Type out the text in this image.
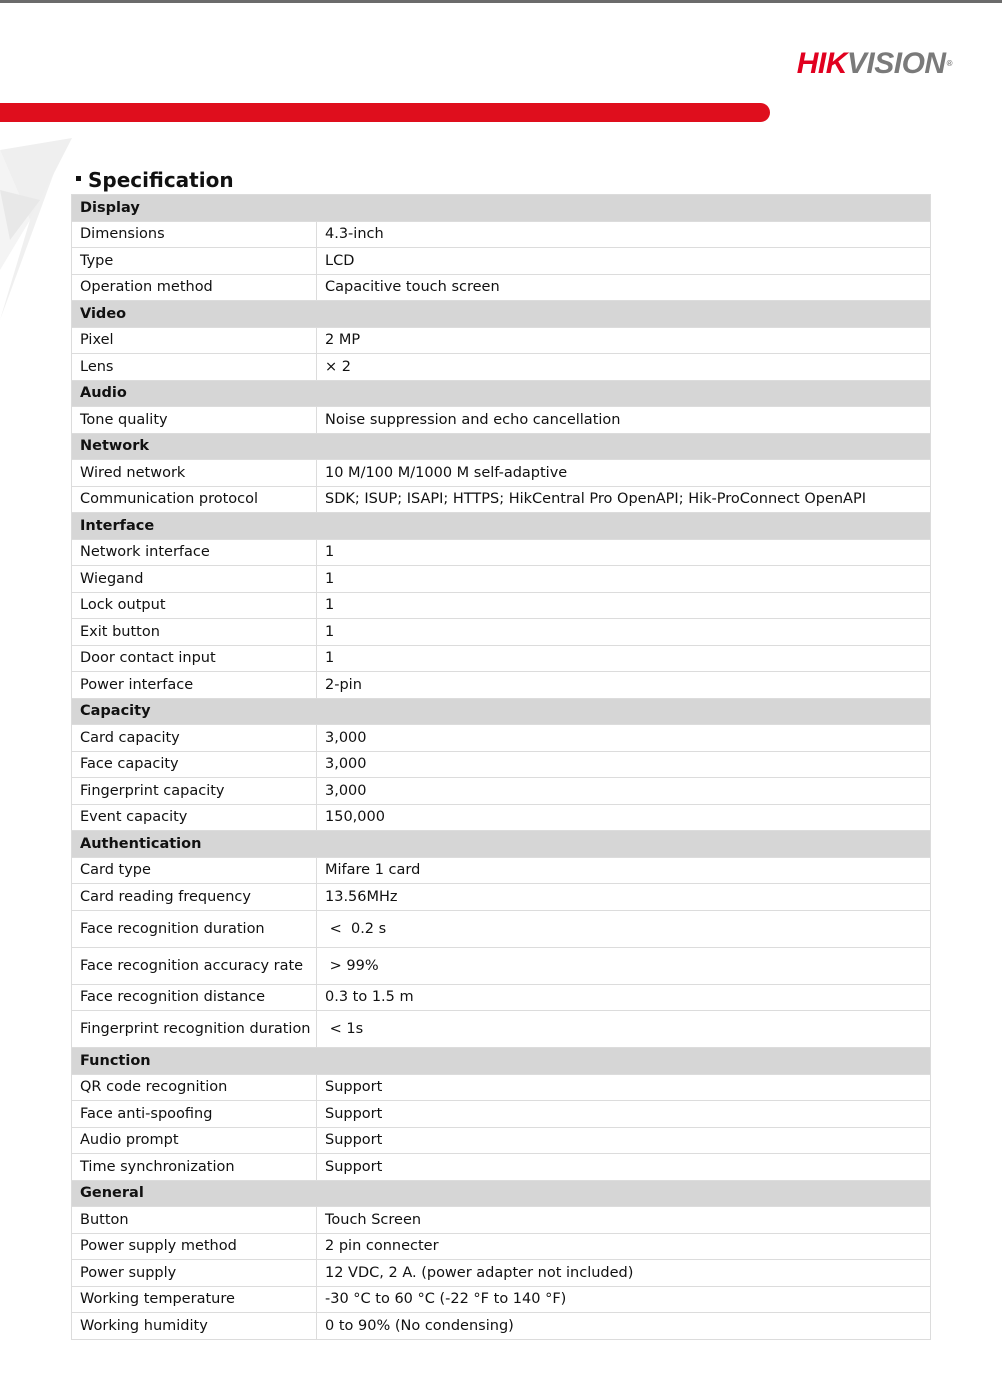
HIKVISION®
Specification
Display	
Dimensions	4.3-inch
Type	LCD
Operation method	Capacitive touch screen
Video	
Pixel	2 MP
Lens	× 2
Audio	
Tone quality	Noise suppression and echo cancellation
Network	
Wired network	10 M/100 M/1000 M self-adaptive
Communication protocol	SDK; ISUP; ISAPI; HTTPS; HikCentral Pro OpenAPI; Hik-ProConnect OpenAPI
Interface	
Network interface	1
Wiegand	1
Lock output	1
Exit button	1
Door contact input	1
Power interface	2-pin
Capacity	
Card capacity	3,000
Face capacity	3,000
Fingerprint capacity	3,000
Event capacity	150,000
Authentication	
Card type	Mifare 1 card
Card reading frequency	13.56MHz
Face recognition duration	<  0.2 s
Face recognition accuracy rate	> 99%
Face recognition distance	0.3 to 1.5 m
Fingerprint recognition duration	< 1s
Function	
QR code recognition	Support
Face anti-spoofing	Support
Audio prompt	Support
Time synchronization	Support
General	
Button	Touch Screen
Power supply method	2 pin connecter
Power supply	12 VDC, 2 A. (power adapter not included)
Working temperature	-30 °C to 60 °C (-22 °F to 140 °F)
Working humidity	0 to 90% (No condensing)
